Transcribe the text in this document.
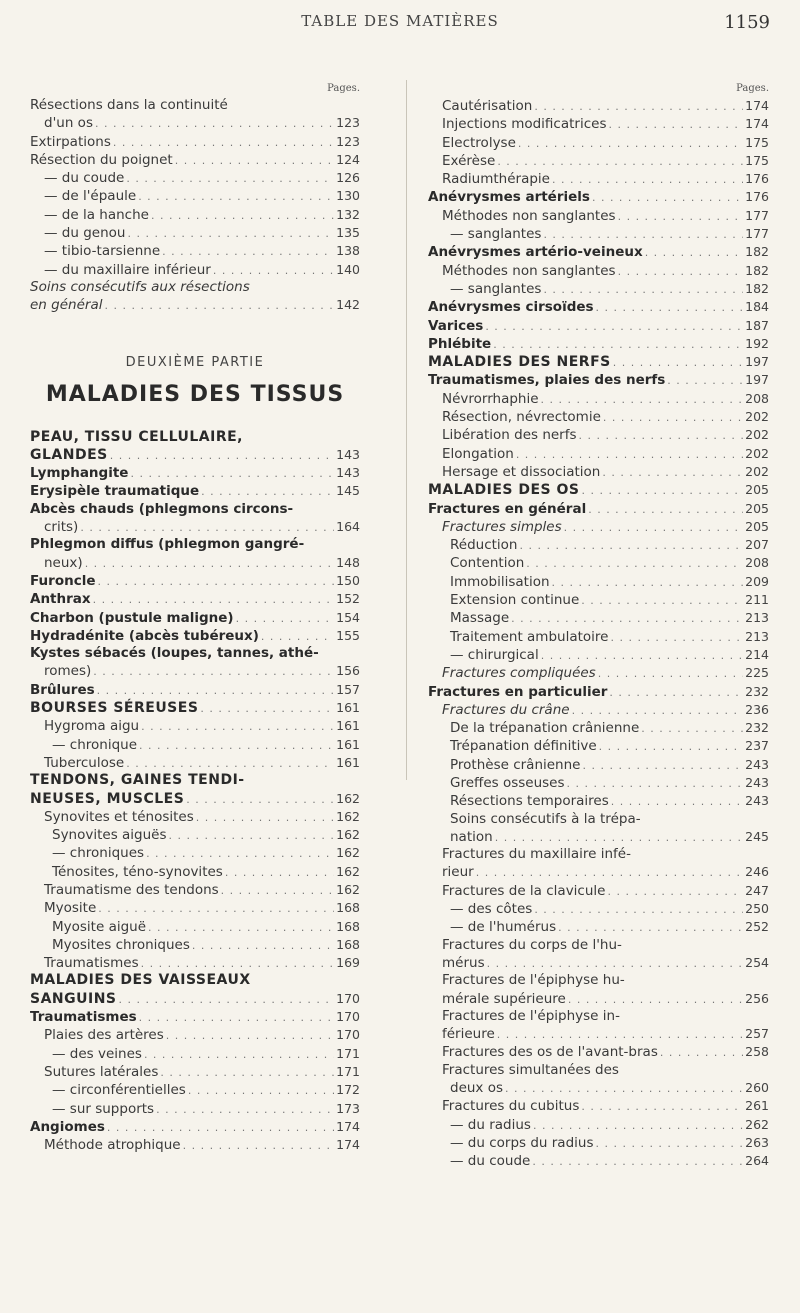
TABLE DES MATIÈRES	1159
Pages.
Résections dans la continuité
d'un os . . .	123
Extirpations . . .	123
Résection du poignet . . .	124
— du coude . . .	126
— de l'épaule . . .	130
— de la hanche . . .	132
— du genou . . .	135
— tibio-tarsienne . . .	138
— du maxillaire inférieur . . .	140
Soins consécutifs aux résections
en général . . .	142
DEUXIÈME PARTIE
MALADIES DES TISSUS
PEAU, TISSU CELLULAIRE,
GLANDES . . .	143
Lymphangite . . .	143
Erysipèle traumatique . . .	145
Abcès chauds (phlegmons circons-
crits) . . .	164
Phlegmon diffus (phlegmon gangré-
neux) . . .	148
Furoncle . . .	150
Anthrax . . .	152
Charbon (pustule maligne) . . .	154
Hydradénite (abcès tubéreux) . . .	155
Kystes sébacés (loupes, tannes, athé-
romes) . . .	156
Brûlures . . .	157
BOURSES SÉREUSES . . .	161
Hygroma aigu . . .	161
— chronique . . .	161
Tuberculose . . .	161
TENDONS, GAINES TENDI-
NEUSES, MUSCLES . . .	162
Synovites et ténosites . . .	162
Synovites aiguës . . .	162
— chroniques . . .	162
Ténosites, téno-synovites . . .	162
Traumatisme des tendons . . .	162
Myosite . . .	168
Myosite aiguë . . .	168
Myosites chroniques . . .	168
Traumatismes . . .	169
MALADIES DES VAISSEAUX
SANGUINS . . .	170
Traumatismes . . .	170
Plaies des artères . . .	170
— des veines . . .	171
Sutures latérales . . .	171
— circonférentielles . . .	172
— sur supports . . .	173
Angiomes . . .	174
Méthode atrophique . . .	174
Pages.
Cautérisation . . .	174
Injections modificatrices . . .	174
Electrolyse . . .	175
Exérèse . . .	175
Radiumthérapie . . .	176
Anévrysmes artériels . . .	176
Méthodes non sanglantes . . .	177
— sanglantes . . .	177
Anévrysmes artério-veineux . . .	182
Méthodes non sanglantes . . .	182
— sanglantes . . .	182
Anévrysmes cirsoïdes . . .	184
Varices . . .	187
Phlébite . . .	192
MALADIES DES NERFS . . .	197
Traumatismes, plaies des nerfs . . .	197
Névrorrhaphie . . .	208
Résection, névrectomie . . .	202
Libération des nerfs . . .	202
Elongation . . .	202
Hersage et dissociation . . .	202
MALADIES DES OS . . .	205
Fractures en général . . .	205
Fractures simples . . .	205
Réduction . . .	207
Contention . . .	208
Immobilisation . . .	209
Extension continue . . .	211
Massage . . .	213
Traitement ambulatoire . . .	213
— chirurgical . . .	214
Fractures compliquées . . .	225
Fractures en particulier . . .	232
Fractures du crâne . . .	236
De la trépanation crânienne . . .	232
Trépanation définitive . . .	237
Prothèse crânienne . . .	243
Greffes osseuses . . .	243
Résections temporaires . . .	243
Soins consécutifs à la trépa-
nation . . .	245
Fractures du maxillaire infé-
rieur . . .	246
Fractures de la clavicule . . .	247
— des côtes . . .	250
— de l'humérus . . .	252
Fractures du corps de l'hu-
mérus . . .	254
Fractures de l'épiphyse hu-
mérale supérieure . . .	256
Fractures de l'épiphyse in-
férieure . . .	257
Fractures des os de l'avant-bras . . .	258
Fractures simultanées des
deux os . . .	260
Fractures du cubitus . . .	261
— du radius . . .	262
— du corps du radius . . .	263
— du coude . . .	264
